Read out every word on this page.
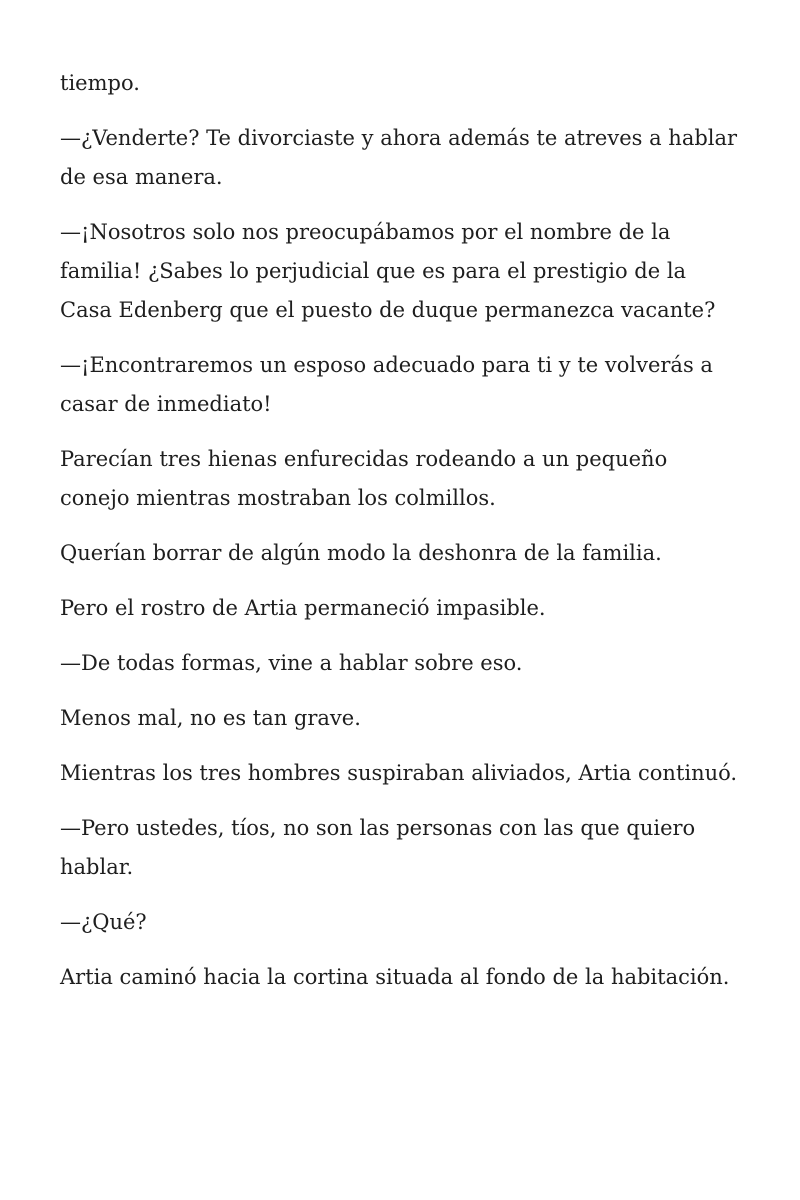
tiempo.

—¿Venderte? Te divorciaste y ahora además te atreves a hablar de esa manera.

—¡Nosotros solo nos preocupábamos por el nombre de la familia! ¿Sabes lo perjudicial que es para el prestigio de la Casa Edenberg que el puesto de duque permanezca vacante?

—¡Encontraremos un esposo adecuado para ti y te volverás a casar de inmediato!

Parecían tres hienas enfurecidas rodeando a un pequeño conejo mientras mostraban los colmillos.

Querían borrar de algún modo la deshonra de la familia.

Pero el rostro de Artia permaneció impasible.

—De todas formas, vine a hablar sobre eso.

Menos mal, no es tan grave.

Mientras los tres hombres suspiraban aliviados, Artia continuó.

—Pero ustedes, tíos, no son las personas con las que quiero hablar.

—¿Qué?

Artia caminó hacia la cortina situada al fondo de la habitación.
